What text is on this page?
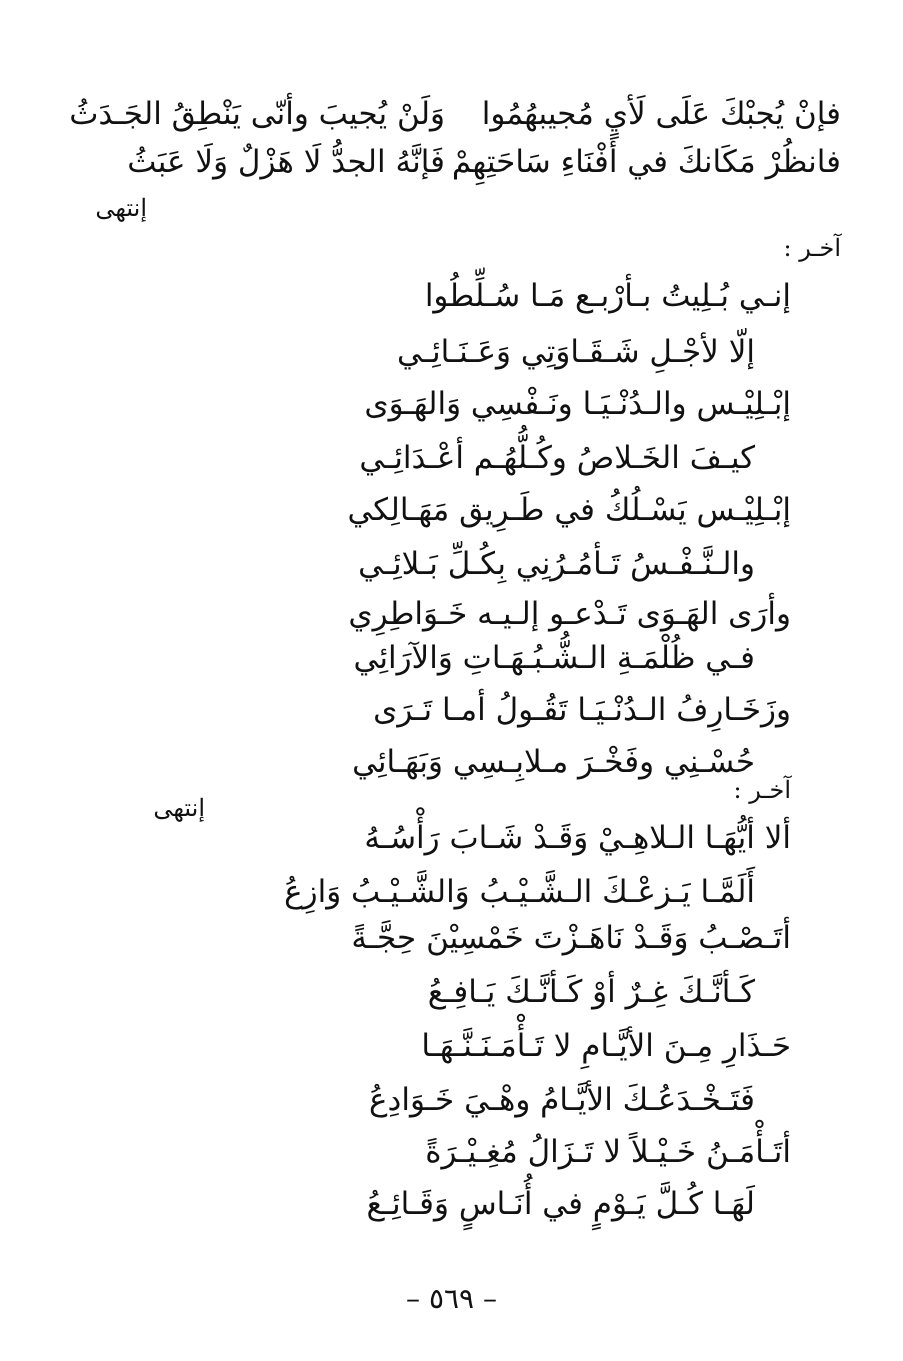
فإنْ يُجبْكَ عَلَى لَأيٍ مُجيبهُمُوا
وَلَنْ يُجيبَ وأنّى يَنْطِقُ الجَـدَثُ
فانظُرْ مَكَانكَ في أفْنَاءِ سَاحَتِهِمْ
فَإنَّهُ الجدُّ لَا هَزْلٌ وَلَا عَبَثُ
إنتهى
آخـر :
إنـي بُـلِيتُ بـأرْبـع مَـا سُـلِّطُوا
إلّا لأجْـلِ شَـقَـاوَتِي وَعَـنَـائِـي
إبْـلِيْـس والـدُنْـيَـا ونَـفْسِي وَالهَـوَى
كيـفَ الخَـلاصُ وكُـلُّهُـم أعْـدَائِـي
إبْـلِيْـس يَسْـلُكُ في طَـرِيق مَهَـالِكي
والـنَّـفْـسُ تَـأمُـرُنِي بِكُـلِّ بَـلائِـي
وأرَى الهَـوَى تَـدْعـو إلـيـه خَـوَاطِرِي
فـي ظُلْمَـةِ الـشُّـبُـهَـاتِ وَالآرَائِي
وزَخَـارِفُ الـدُنْـيَـا تَقُـولُ أمـا تَـرَى
حُسْـنِي وفَخْـرَ مـلابِـسِي وَبَهَـائِي
آخـر :
إنتهى
ألا أيُّهَـا الـلاهِـيْ وَقَـدْ شَـابَ رَأْسُـهُ
أَلَمَّـا يَـزعْـكَ الـشَّـيْـبُ وَالشَّـيْـبُ وَازِعُ
أتَـصْـبُ وَقَـدْ نَاهَـزْتَ خَمْسِيْنَ حِجَّـةً
كَـأنَّـكَ غِـرٌ أوْ كَـأنَّـكَ يَـافِـعُ
حَـذَارِ مِـنَ الأيَّـامِ لا تَـأْمَـنَـنَّـهَـا
فَتَـخْـدَعُـكَ الأيَّـامُ وهْـيَ خَـوَادِعُ
أتَـأْمَـنُ خَـيْـلاً لا تَـزَالُ مُغِـيْـرَةً
لَهَـا كُـلَّ يَـوْمٍ في أُنَـاسٍ وَقَـائِـعُ
– ٥٦٩ –
